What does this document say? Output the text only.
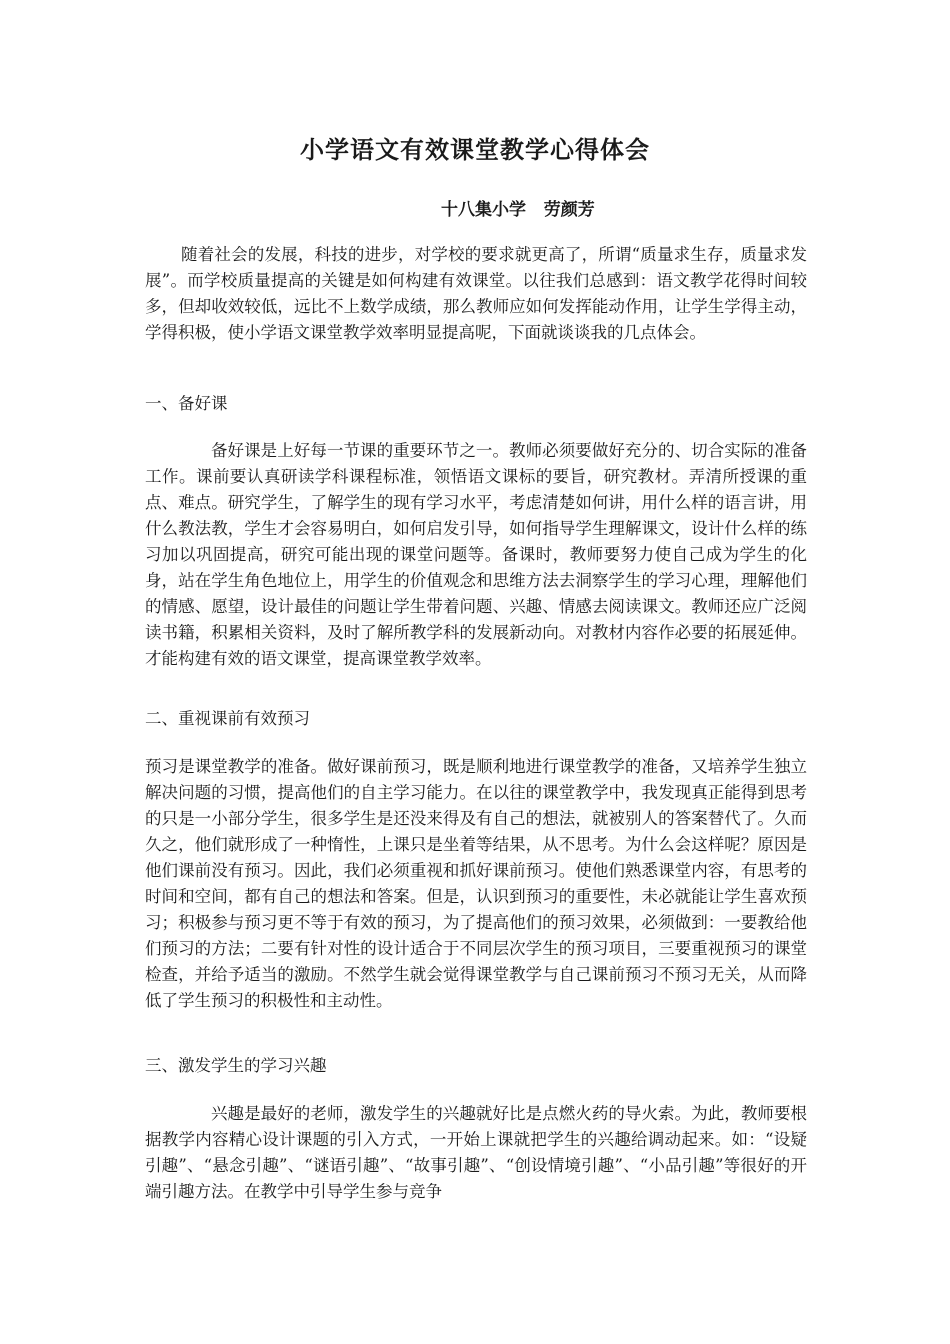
小学语文有效课堂教学心得体会
十八集小学   劳颜芳
随着社会的发展，科技的进步，对学校的要求就更高了，所谓“质量求生存，质量求发展”。而学校质量提高的关键是如何构建有效课堂。以往我们总感到：语文教学花得时间较多，但却收效较低，远比不上数学成绩，那么教师应如何发挥能动作用，让学生学得主动，学得积极，使小学语文课堂教学效率明显提高呢，下面就谈谈我的几点体会。
一、备好课
备好课是上好每一节课的重要环节之一。教师必须要做好充分的、切合实际的准备工作。课前要认真研读学科课程标准，领悟语文课标的要旨，研究教材。弄清所授课的重点、难点。研究学生，了解学生的现有学习水平，考虑清楚如何讲，用什么样的语言讲，用什么教法教，学生才会容易明白，如何启发引导，如何指导学生理解课文，设计什么样的练习加以巩固提高，研究可能出现的课堂问题等。备课时，教师要努力使自己成为学生的化身，站在学生角色地位上，用学生的价值观念和思维方法去洞察学生的学习心理，理解他们的情感、愿望，设计最佳的问题让学生带着问题、兴趣、情感去阅读课文。教师还应广泛阅读书籍，积累相关资料，及时了解所教学科的发展新动向。对教材内容作必要的拓展延伸。才能构建有效的语文课堂，提高课堂教学效率。
二、重视课前有效预习
预习是课堂教学的准备。做好课前预习，既是顺利地进行课堂教学的准备，又培养学生独立解决问题的习惯，提高他们的自主学习能力。在以往的课堂教学中，我发现真正能得到思考的只是一小部分学生，很多学生是还没来得及有自己的想法，就被别人的答案替代了。久而久之，他们就形成了一种惰性，上课只是坐着等结果，从不思考。为什么会这样呢？原因是他们课前没有预习。因此，我们必须重视和抓好课前预习。使他们熟悉课堂内容，有思考的时间和空间，都有自己的想法和答案。但是，认识到预习的重要性，未必就能让学生喜欢预习；积极参与预习更不等于有效的预习，为了提高他们的预习效果，必须做到：一要教给他们预习的方法；二要有针对性的设计适合于不同层次学生的预习项目，三要重视预习的课堂检查，并给予适当的激励。不然学生就会觉得课堂教学与自己课前预习不预习无关，从而降低了学生预习的积极性和主动性。
三、激发学生的学习兴趣
兴趣是最好的老师，激发学生的兴趣就好比是点燃火药的导火索。为此，教师要根据教学内容精心设计课题的引入方式，一开始上课就把学生的兴趣给调动起来。如：“设疑引趣”、“悬念引趣”、“谜语引趣”、“故事引趣”、“创设情境引趣”、“小品引趣”等很好的开端引趣方法。在教学中引导学生参与竞争
